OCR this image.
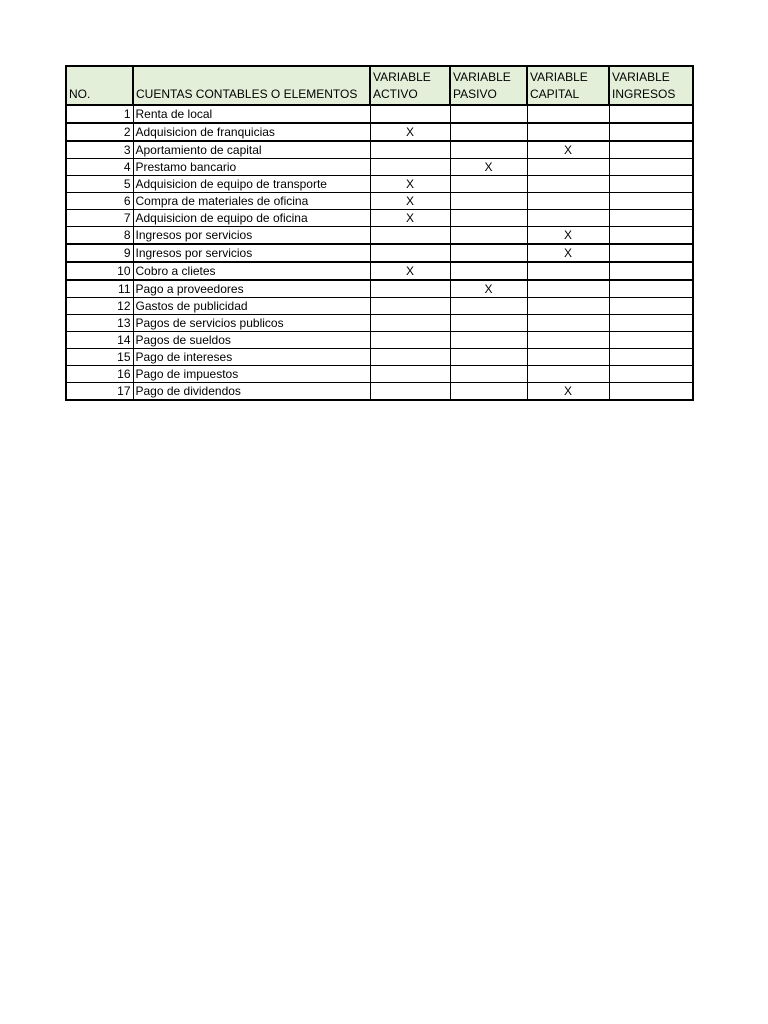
NO.	CUENTAS CONTABLES O ELEMENTOS	VARIABLE ACTIVO	VARIABLE PASIVO	VARIABLE CAPITAL	VARIABLE INGRESOS
1	Renta de local				
2	Adquisicion de franquicias	X			
3	Aportamiento de capital			X	
4	Prestamo bancario		X		
5	Adquisicion de equipo de transporte	X			
6	Compra de materiales de oficina	X			
7	Adquisicion de equipo de oficina	X			
8	Ingresos por servicios			X	
9	Ingresos por servicios			X	
10	Cobro a clietes	X			
11	Pago a proveedores		X		
12	Gastos de publicidad				
13	Pagos de servicios publicos				
14	Pagos de sueldos				
15	Pago de intereses				
16	Pago de impuestos				
17	Pago de dividendos			X	
